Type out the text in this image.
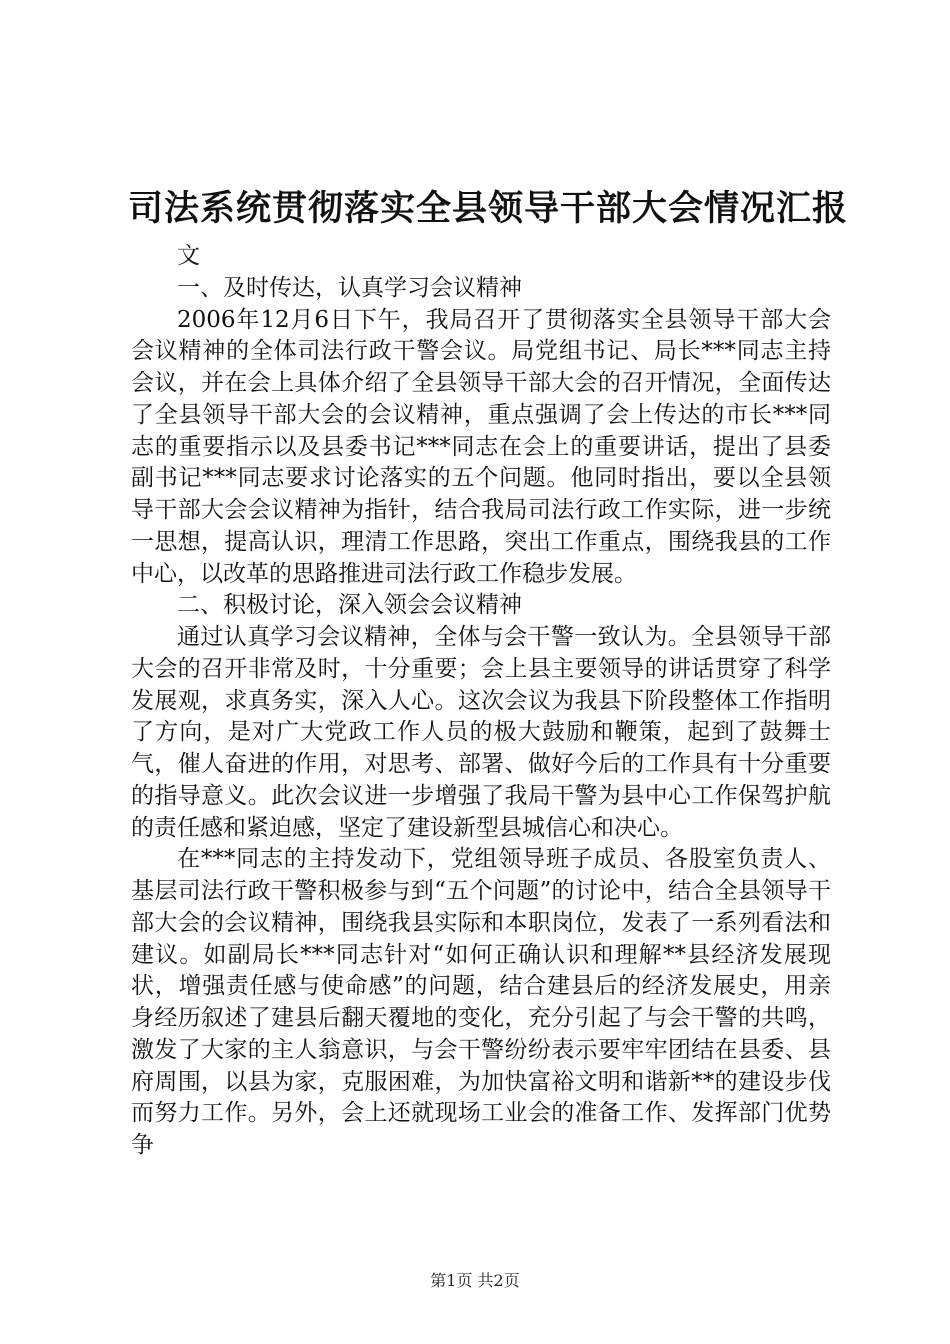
司法系统贯彻落实全县领导干部大会情况汇报

文

一、及时传达，认真学习会议精神

2006年12月6日下午，我局召开了贯彻落实全县领导干部大会会议精神的全体司法行政干警会议。局党组书记、局长***同志主持会议，并在会上具体介绍了全县领导干部大会的召开情况，全面传达了全县领导干部大会的会议精神，重点强调了会上传达的市长***同志的重要指示以及县委书记***同志在会上的重要讲话，提出了县委副书记***同志要求讨论落实的五个问题。他同时指出，要以全县领导干部大会会议精神为指针，结合我局司法行政工作实际，进一步统一思想，提高认识，理清工作思路，突出工作重点，围绕我县的工作中心，以改革的思路推进司法行政工作稳步发展。

二、积极讨论，深入领会会议精神

通过认真学习会议精神，全体与会干警一致认为。全县领导干部大会的召开非常及时，十分重要；会上县主要领导的讲话贯穿了科学发展观，求真务实，深入人心。这次会议为我县下阶段整体工作指明了方向，是对广大党政工作人员的极大鼓励和鞭策，起到了鼓舞士气，催人奋进的作用，对思考、部署、做好今后的工作具有十分重要的指导意义。此次会议进一步增强了我局干警为县中心工作保驾护航的责任感和紧迫感，坚定了建设新型县城信心和决心。

在***同志的主持发动下，党组领导班子成员、各股室负责人、基层司法行政干警积极参与到“五个问题”的讨论中，结合全县领导干部大会的会议精神，围绕我县实际和本职岗位，发表了一系列看法和建议。如副局长***同志针对“如何正确认识和理解**县经济发展现状，增强责任感与使命感”的问题，结合建县后的经济发展史，用亲身经历叙述了建县后翻天覆地的变化，充分引起了与会干警的共鸣，激发了大家的主人翁意识，与会干警纷纷表示要牢牢团结在县委、县府周围，以县为家，克服困难，为加快富裕文明和谐新**的建设步伐而努力工作。另外，会上还就现场工业会的准备工作、发挥部门优势争

第1页 共2页
